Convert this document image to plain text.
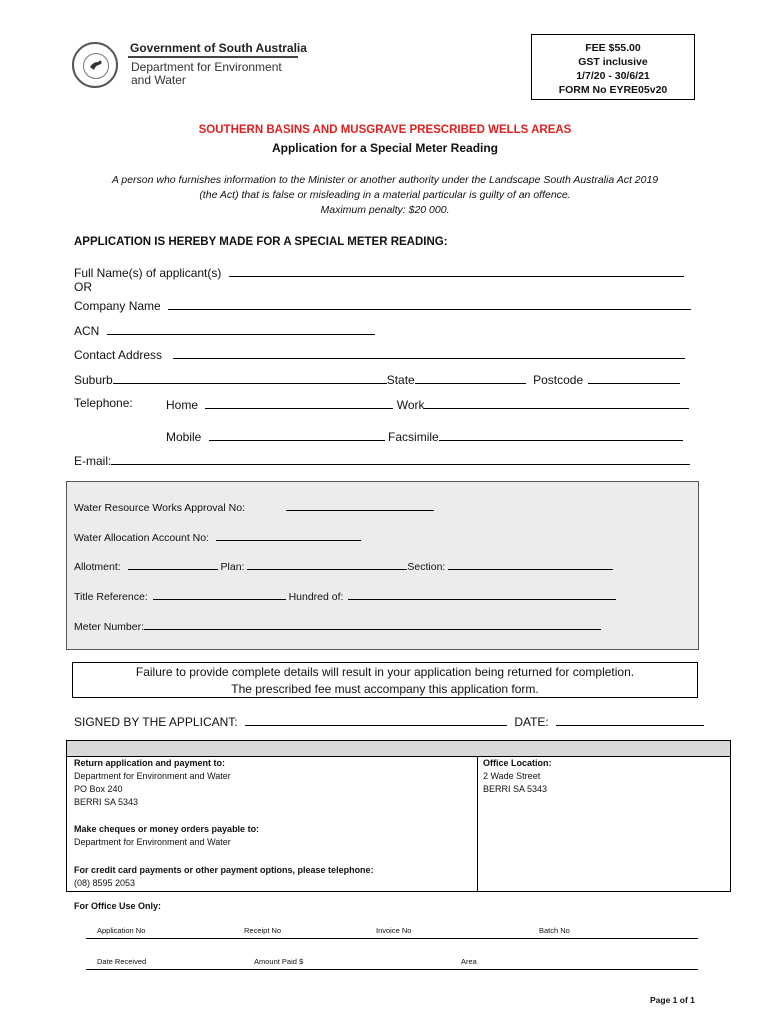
Government of South Australia
Department for Environment
and Water
FEE $55.00
GST inclusive
1/7/20 - 30/6/21
FORM No EYRE05v20
SOUTHERN BASINS AND MUSGRAVE PRESCRIBED WELLS AREAS
Application for a Special Meter Reading
A person who furnishes information to the Minister or another authority under the Landscape South Australia Act 2019
(the Act) that is false or misleading in a material particular is guilty of an offence.
Maximum penalty: $20 000.
APPLICATION IS HEREBY MADE FOR A SPECIAL METER READING:
Full Name(s) of applicant(s)
OR
Company Name
ACN
Contact Address
Suburb	State	Postcode
Telephone:	Home	Work
Mobile	Facsimile
E-mail:
Water Resource Works Approval No:
Water Allocation Account No:
Allotment:	Plan:	Section:
Title Reference:	Hundred of:
Meter Number:
Failure to provide complete details will result in your application being returned for completion.
The prescribed fee must accompany this application form.
SIGNED BY THE APPLICANT:	DATE:
Return application and payment to:
Department for Environment and Water
PO Box 240
BERRI SA 5343
Make cheques or money orders payable to:
Department for Environment and Water
For credit card payments or other payment options, please telephone:
(08) 8595 2053
Office Location:
2 Wade Street
BERRI SA 5343
For Office Use Only:
Application No	Receipt No	Invoice No	Batch No
Date Received	Amount Paid $	Area
Page 1 of 1
